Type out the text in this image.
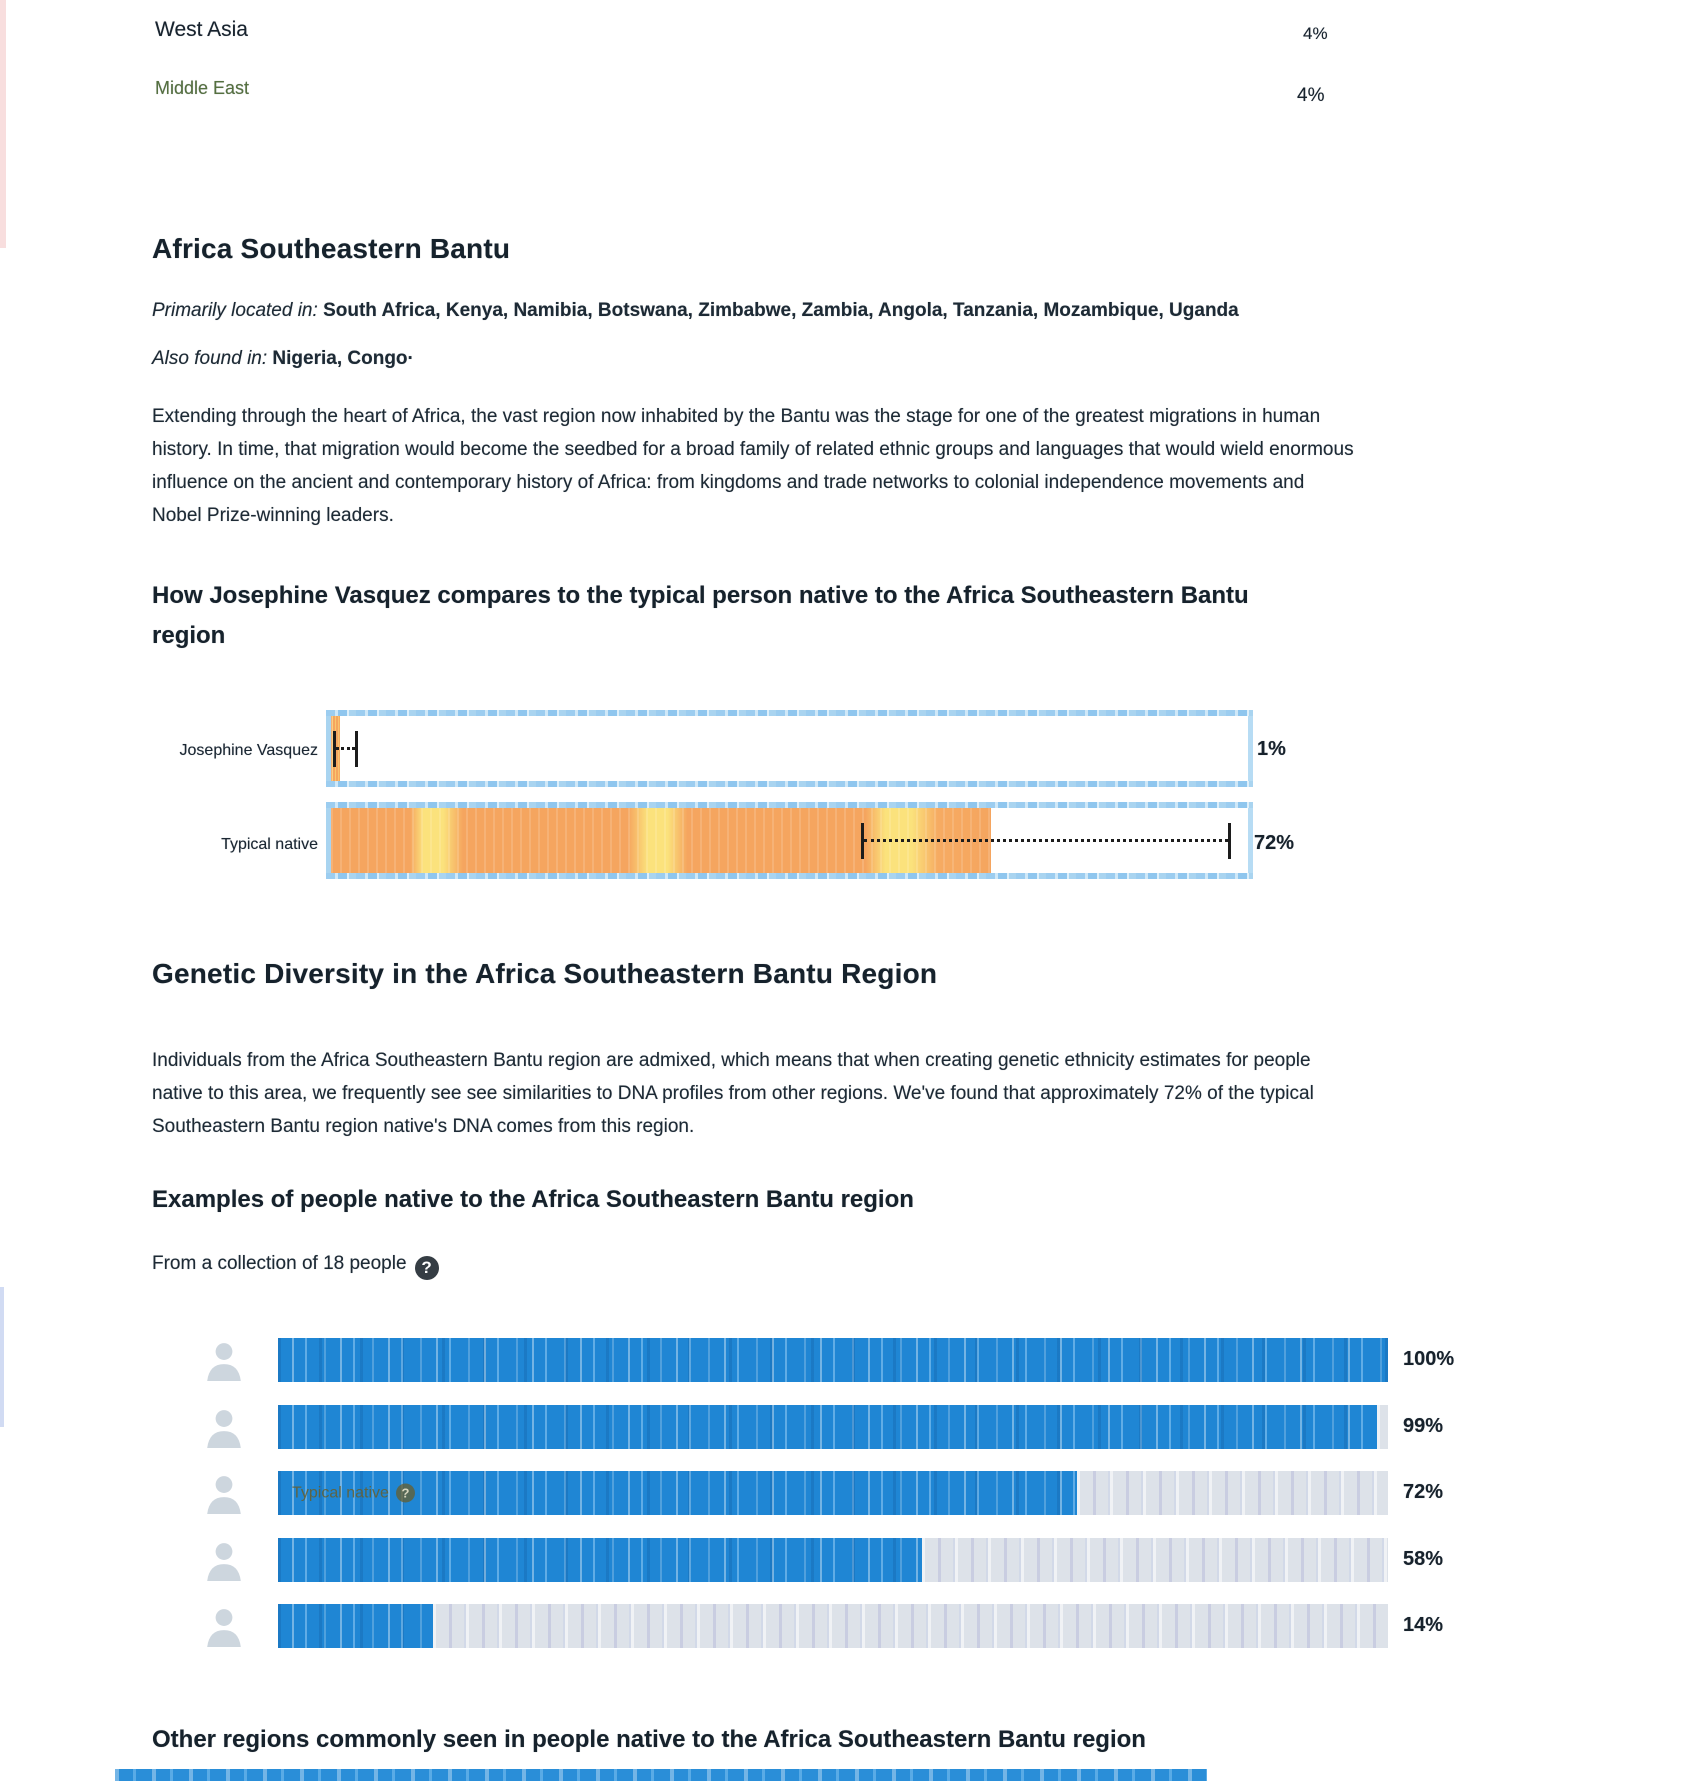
West Asia	4%
Middle East	4%
Africa Southeastern Bantu
Primarily located in: South Africa, Kenya, Namibia, Botswana, Zimbabwe, Zambia, Angola, Tanzania, Mozambique, Uganda
Also found in: Nigeria, Congo·
Extending through the heart of Africa, the vast region now inhabited by the Bantu was the stage for one of the greatest migrations in human history. In time, that migration would become the seedbed for a broad family of related ethnic groups and languages that would wield enormous influence on the ancient and contemporary history of Africa: from kingdoms and trade networks to colonial independence movements and Nobel Prize-winning leaders.
How Josephine Vasquez compares to the typical person native to the Africa Southeastern Bantu region
Josephine Vasquez	1%
Typical native	72%
Genetic Diversity in the Africa Southeastern Bantu Region
Individuals from the Africa Southeastern Bantu region are admixed, which means that when creating genetic ethnicity estimates for people native to this area, we frequently see see similarities to DNA profiles from other regions. We've found that approximately 72% of the typical Southeastern Bantu region native's DNA comes from this region.
Examples of people native to the Africa Southeastern Bantu region
From a collection of 18 people ?
100%
99%
Typical native ?	72%
58%
14%
Other regions commonly seen in people native to the Africa Southeastern Bantu region
